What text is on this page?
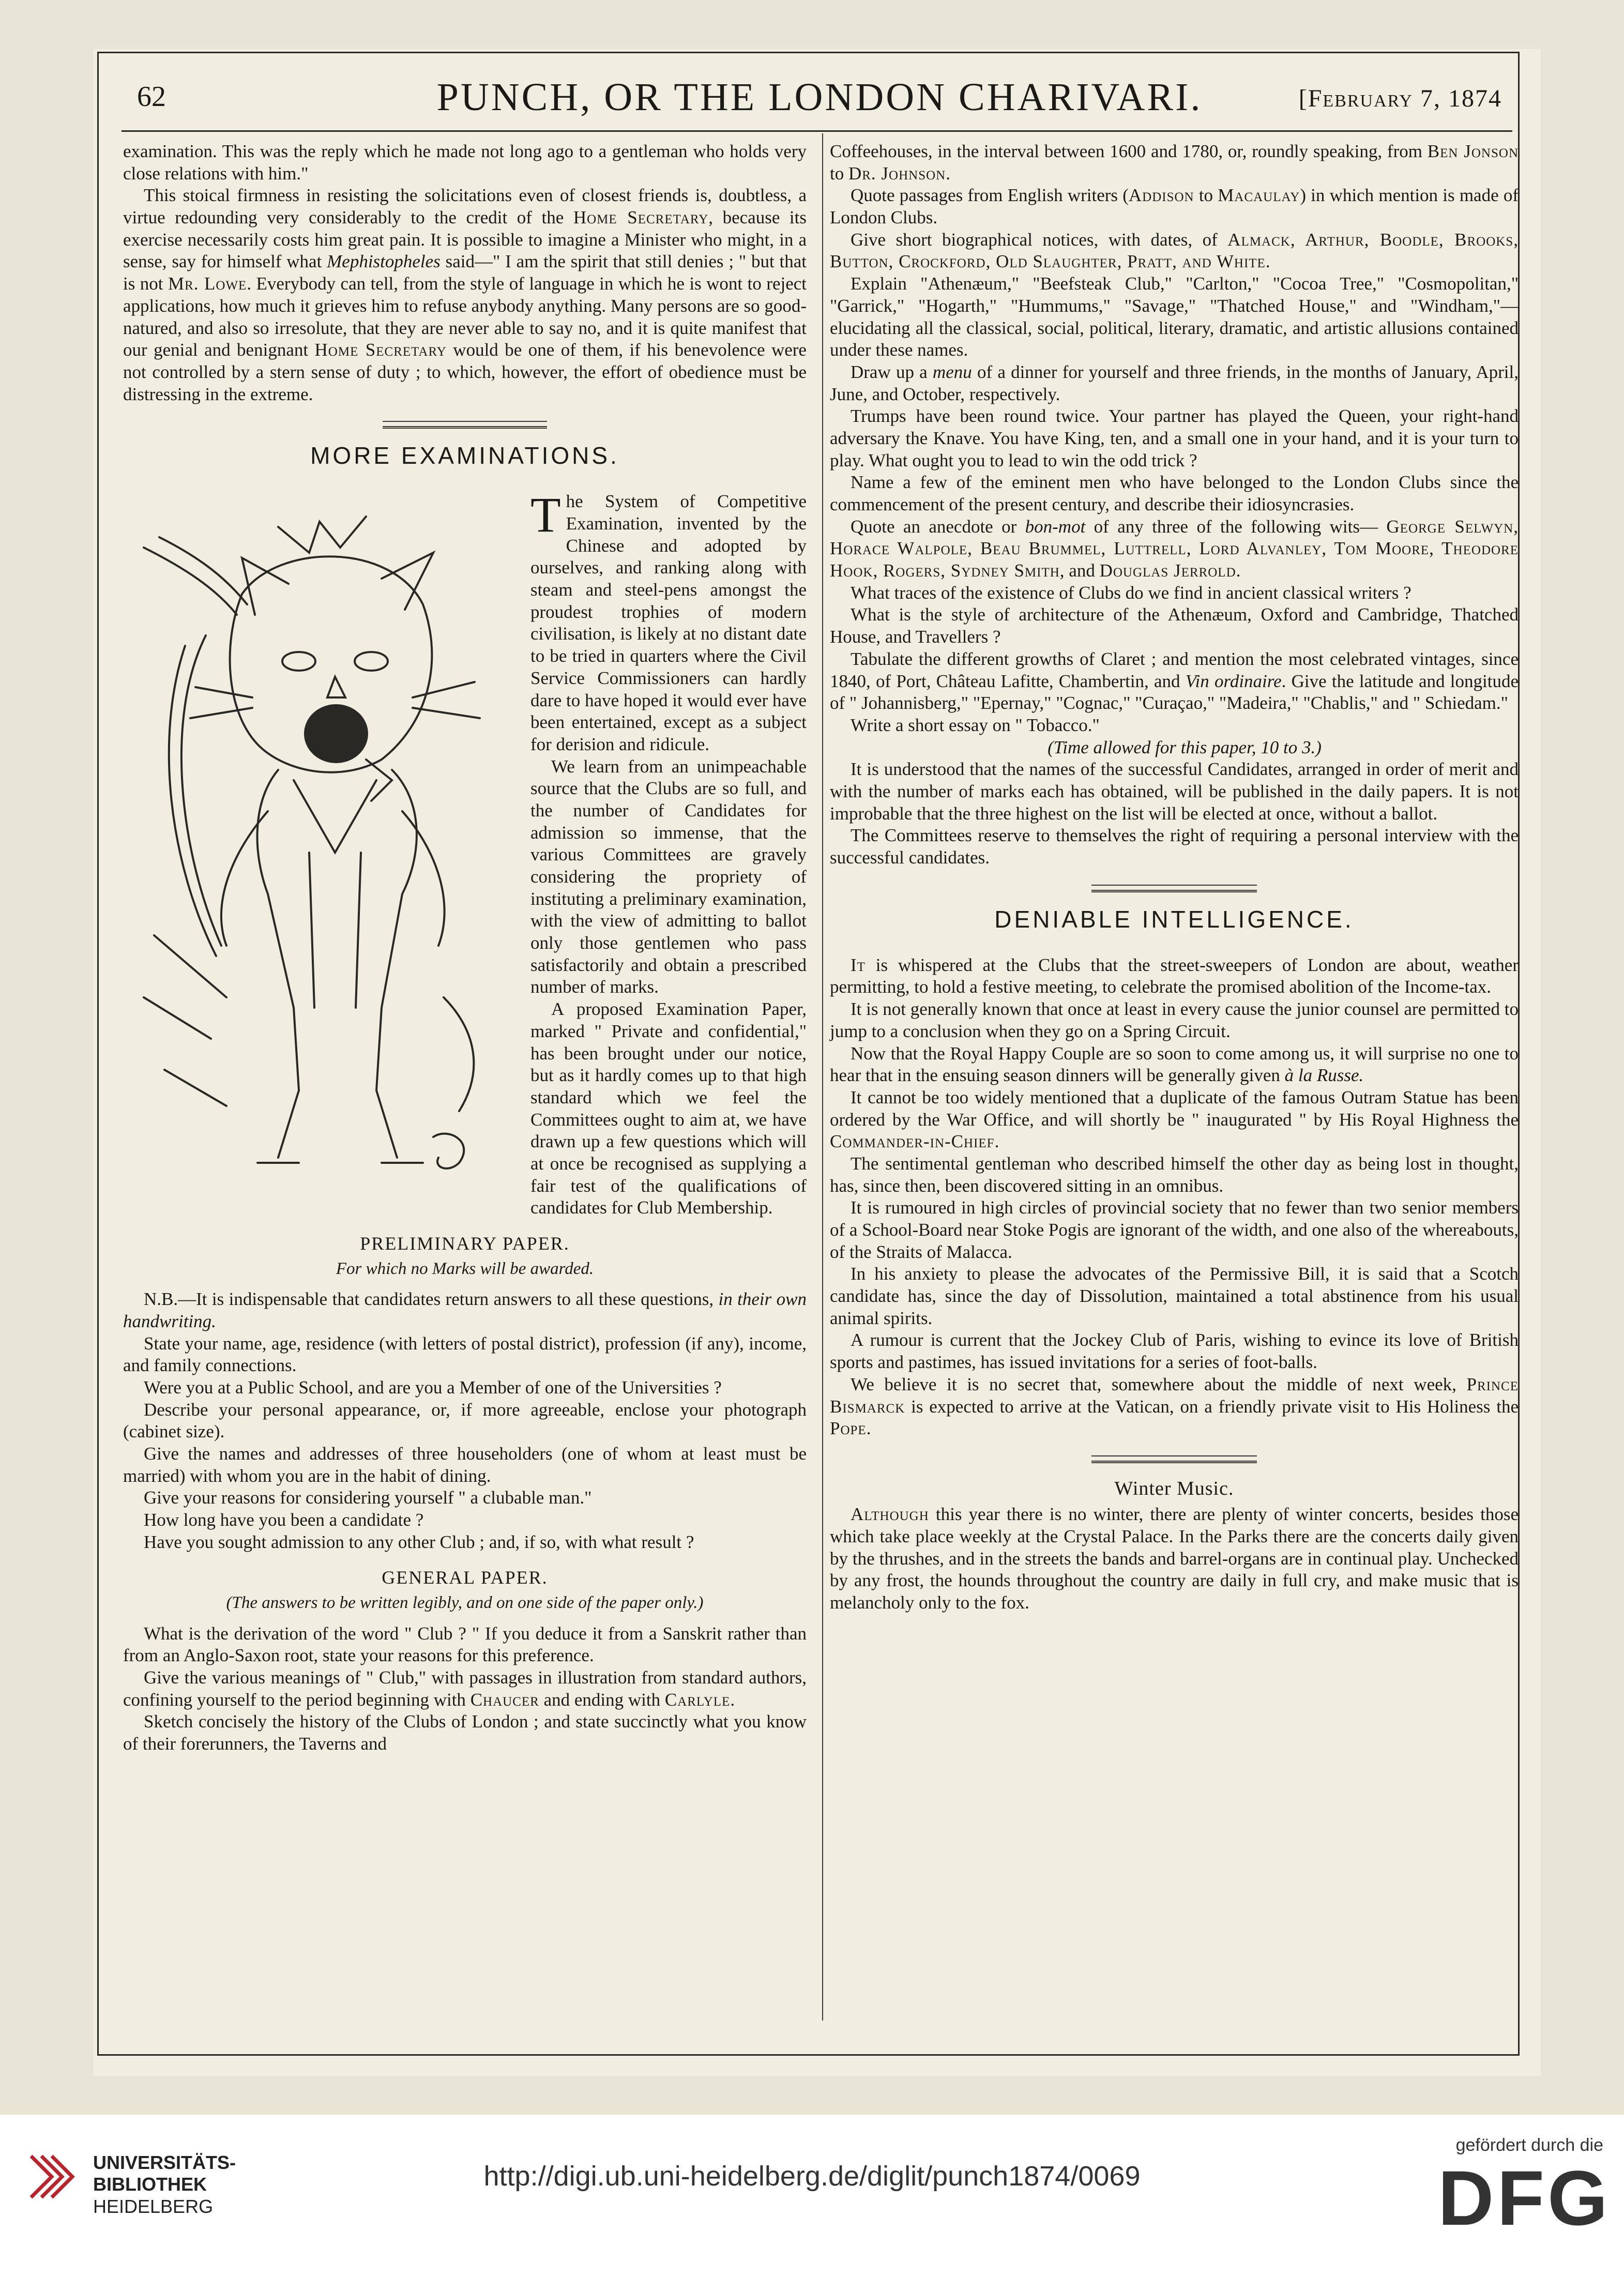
62	PUNCH, OR THE LONDON CHARIVARI.	[February 7, 1874

examination. This was the reply which he made not long ago to a gentleman who holds very close relations with him."

This stoical firmness in resisting the solicitations even of closest friends is, doubtless, a virtue redounding very considerably to the credit of the Home Secretary, because its exercise necessarily costs him great pain. It is possible to imagine a Minister who might, in a sense, say for himself what Mephistopheles said—" I am the spirit that still denies ; " but that is not Mr. Lowe. Everybody can tell, from the style of language in which he is wont to reject applications, how much it grieves him to refuse anybody anything. Many persons are so good-natured, and also so irresolute, that they are never able to say no, and it is quite manifest that our genial and benignant Home Secretary would be one of them, if his benevolence were not controlled by a stern sense of duty ; to which, however, the effort of obedience must be distressing in the extreme.

MORE EXAMINATIONS.

The System of Competitive Examination, invented by the Chinese and adopted by ourselves, and ranking along with steam and steel-pens amongst the proudest trophies of modern civilisation, is likely at no distant date to be tried in quarters where the Civil Service Commissioners can hardly dare to have hoped it would ever have been entertained, except as a subject for derision and ridicule.

We learn from an unimpeachable source that the Clubs are so full, and the number of Candidates for admission so immense, that the various Committees are gravely considering the propriety of instituting a preliminary examination, with the view of admitting to ballot only those gentlemen who pass satisfactorily and obtain a prescribed number of marks.

A proposed Examination Paper, marked " Private and confidential," has been brought under our notice, but as it hardly comes up to that high standard which we feel the Committees ought to aim at, we have drawn up a few questions which will at once be recognised as supplying a fair test of the qualifications of candidates for Club Membership.

PRELIMINARY PAPER.
For which no Marks will be awarded.

N.B.—It is indispensable that candidates return answers to all these questions, in their own handwriting.

State your name, age, residence (with letters of postal district), profession (if any), income, and family connections.

Were you at a Public School, and are you a Member of one of the Universities ?

Describe your personal appearance, or, if more agreeable, enclose your photograph (cabinet size).

Give the names and addresses of three householders (one of whom at least must be married) with whom you are in the habit of dining.

Give your reasons for considering yourself " a clubable man."

How long have you been a candidate ?

Have you sought admission to any other Club ; and, if so, with what result ?

GENERAL PAPER.
(The answers to be written legibly, and on one side of the paper only.)

What is the derivation of the word " Club ? " If you deduce it from a Sanskrit rather than from an Anglo-Saxon root, state your reasons for this preference.

Give the various meanings of " Club," with passages in illustration from standard authors, confining yourself to the period beginning with Chaucer and ending with Carlyle.

Sketch concisely the history of the Clubs of London ; and state succinctly what you know of their forerunners, the Taverns and

Coffeehouses, in the interval between 1600 and 1780, or, roundly speaking, from Ben Jonson to Dr. Johnson.

Quote passages from English writers (Addison to Macaulay) in which mention is made of London Clubs.

Give short biographical notices, with dates, of Almack, Arthur, Boodle, Brooks, Button, Crockford, Old Slaughter, Pratt, and White.

Explain "Athenæum," "Beefsteak Club," "Carlton," "Cocoa Tree," "Cosmopolitan," "Garrick," "Hogarth," "Hummums," "Savage," "Thatched House," and "Windham,"—elucidating all the classical, social, political, literary, dramatic, and artistic allusions contained under these names.

Draw up a menu of a dinner for yourself and three friends, in the months of January, April, June, and October, respectively.

Trumps have been round twice. Your partner has played the Queen, your right-hand adversary the Knave. You have King, ten, and a small one in your hand, and it is your turn to play. What ought you to lead to win the odd trick ?

Name a few of the eminent men who have belonged to the London Clubs since the commencement of the present century, and describe their idiosyncrasies.

Quote an anecdote or bon-mot of any three of the following wits— George Selwyn, Horace Walpole, Beau Brummel, Luttrell, Lord Alvanley, Tom Moore, Theodore Hook, Rogers, Sydney Smith, and Douglas Jerrold.

What traces of the existence of Clubs do we find in ancient classical writers ?

What is the style of architecture of the Athenæum, Oxford and Cambridge, Thatched House, and Travellers ?

Tabulate the different growths of Claret ; and mention the most celebrated vintages, since 1840, of Port, Château Lafitte, Chambertin, and Vin ordinaire. Give the latitude and longitude of " Johannisberg," "Epernay," "Cognac," "Curaçao," "Madeira," "Chablis," and " Schiedam."

Write a short essay on " Tobacco."

(Time allowed for this paper, 10 to 3.)

It is understood that the names of the successful Candidates, arranged in order of merit and with the number of marks each has obtained, will be published in the daily papers. It is not improbable that the three highest on the list will be elected at once, without a ballot.

The Committees reserve to themselves the right of requiring a personal interview with the successful candidates.

DENIABLE INTELLIGENCE.

It is whispered at the Clubs that the street-sweepers of London are about, weather permitting, to hold a festive meeting, to celebrate the promised abolition of the Income-tax.

It is not generally known that once at least in every cause the junior counsel are permitted to jump to a conclusion when they go on a Spring Circuit.

Now that the Royal Happy Couple are so soon to come among us, it will surprise no one to hear that in the ensuing season dinners will be generally given à la Russe.

It cannot be too widely mentioned that a duplicate of the famous Outram Statue has been ordered by the War Office, and will shortly be " inaugurated " by His Royal Highness the Commander-in-Chief.

The sentimental gentleman who described himself the other day as being lost in thought, has, since then, been discovered sitting in an omnibus.

It is rumoured in high circles of provincial society that no fewer than two senior members of a School-Board near Stoke Pogis are ignorant of the width, and one also of the whereabouts, of the Straits of Malacca.

In his anxiety to please the advocates of the Permissive Bill, it is said that a Scotch candidate has, since the day of Dissolution, maintained a total abstinence from his usual animal spirits.

A rumour is current that the Jockey Club of Paris, wishing to evince its love of British sports and pastimes, has issued invitations for a series of foot-balls.

We believe it is no secret that, somewhere about the middle of next week, Prince Bismarck is expected to arrive at the Vatican, on a friendly private visit to His Holiness the Pope.

Winter Music.

Although this year there is no winter, there are plenty of winter concerts, besides those which take place weekly at the Crystal Palace. In the Parks there are the concerts daily given by the thrushes, and in the streets the bands and barrel-organs are in continual play. Unchecked by any frost, the hounds throughout the country are daily in full cry, and make music that is melancholy only to the fox.

UNIVERSITÄTS-
BIBLIOTHEK
HEIDELBERG
http://digi.ub.uni-heidelberg.de/diglit/punch1874/0069
gefördert durch die
DFG
